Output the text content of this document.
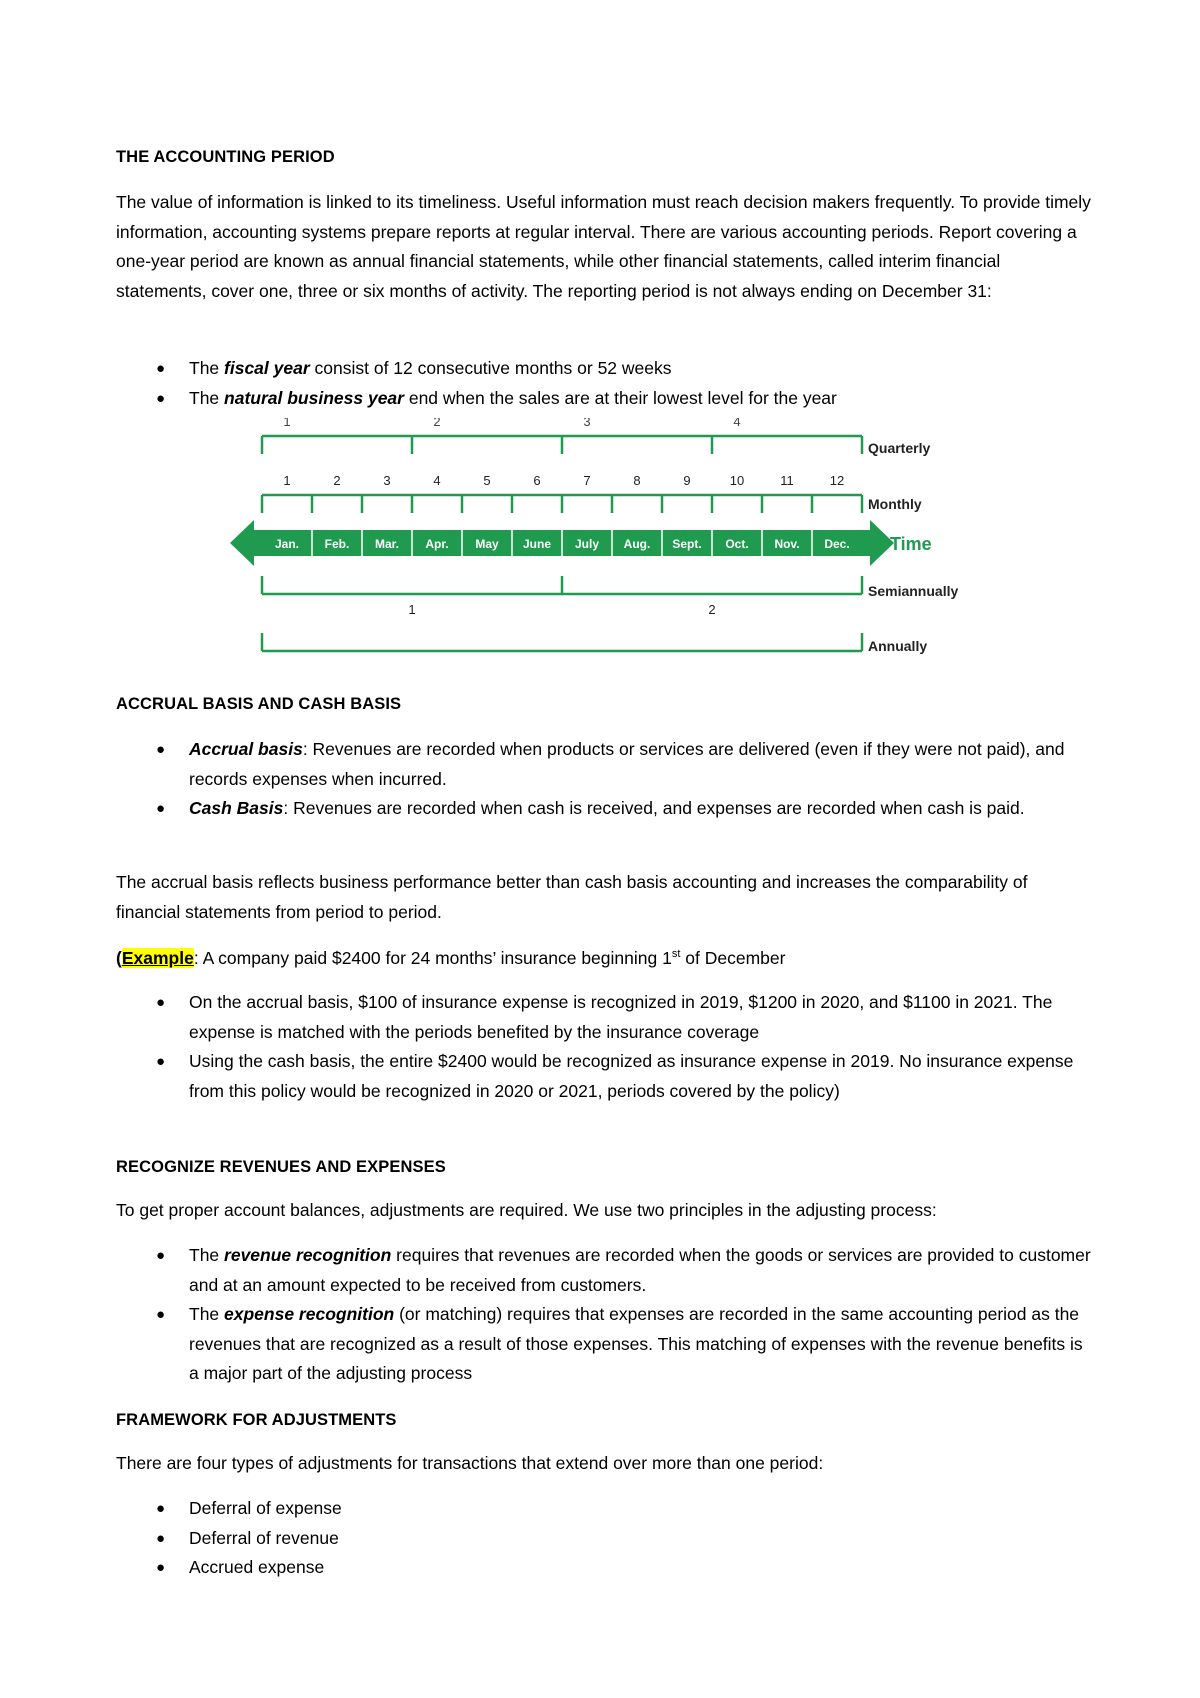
THE ACCOUNTING PERIOD
The value of information is linked to its timeliness. Useful information must reach decision makers frequently. To provide timely information, accounting systems prepare reports at regular interval. There are various accounting periods. Report covering a one-year period are known as annual financial statements, while other financial statements, called interim financial statements, cover one, three or six months of activity. The reporting period is not always ending on December 31:
● The fiscal year consist of 12 consecutive months or 52 weeks
● The natural business year end when the sales are at their lowest level for the year
1	2	3	4
Quarterly
1	2	3	4	5	6	7	8	9	10	11	12
Monthly
Jan. Feb. Mar. Apr. May June July Aug. Sept. Oct. Nov. Dec. Time
Semiannually
1	2
Annually
ACCRUAL BASIS AND CASH BASIS
● Accrual basis: Revenues are recorded when products or services are delivered (even if they were not paid), and records expenses when incurred.
● Cash Basis: Revenues are recorded when cash is received, and expenses are recorded when cash is paid.
The accrual basis reflects business performance better than cash basis accounting and increases the comparability of financial statements from period to period.
(Example: A company paid $2400 for 24 months’ insurance beginning 1st of December
● On the accrual basis, $100 of insurance expense is recognized in 2019, $1200 in 2020, and $1100 in 2021. The expense is matched with the periods benefited by the insurance coverage
● Using the cash basis, the entire $2400 would be recognized as insurance expense in 2019. No insurance expense from this policy would be recognized in 2020 or 2021, periods covered by the policy)
RECOGNIZE REVENUES AND EXPENSES
To get proper account balances, adjustments are required. We use two principles in the adjusting process:
● The revenue recognition requires that revenues are recorded when the goods or services are provided to customer and at an amount expected to be received from customers.
● The expense recognition (or matching) requires that expenses are recorded in the same accounting period as the revenues that are recognized as a result of those expenses. This matching of expenses with the revenue benefits is a major part of the adjusting process
FRAMEWORK FOR ADJUSTMENTS
There are four types of adjustments for transactions that extend over more than one period:
● Deferral of expense
● Deferral of revenue
● Accrued expense
